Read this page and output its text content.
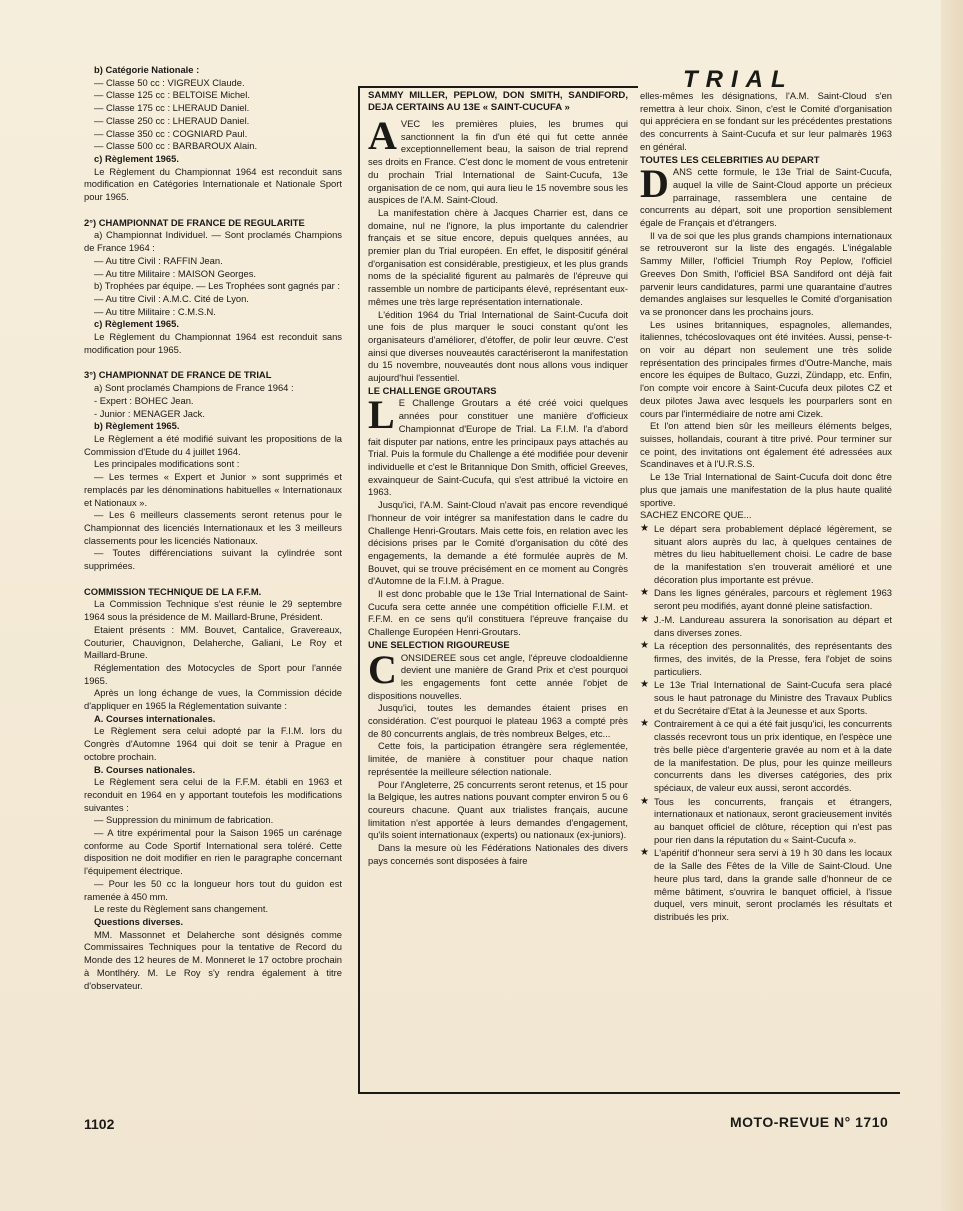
b) Catégorie Nationale :

— Classe 50 cc : VIGREUX Claude.

— Classe 125 cc : BELTOISE Michel.

— Classe 175 cc : LHERAUD Daniel.

— Classe 250 cc : LHERAUD Daniel.

— Classe 350 cc : COGNIARD Paul.

— Classe 500 cc : BARBAROUX Alain.

c) Règlement 1965.

Le Règlement du Championnat 1964 est reconduit sans modification en Catégories Internationale et Nationale Sport pour 1965.

2°) CHAMPIONNAT DE FRANCE DE REGULARITE

a) Championnat Individuel. — Sont proclamés Champions de France 1964 :

— Au titre Civil : RAFFIN Jean.

— Au titre Militaire : MAISON Georges.

b) Trophées par équipe. — Les Trophées sont gagnés par :

— Au titre Civil : A.M.C. Cité de Lyon.

— Au titre Militaire : C.M.S.N.

c) Règlement 1965.

Le Règlement du Championnat 1964 est reconduit sans modification pour 1965.

3°) CHAMPIONNAT DE FRANCE DE TRIAL

a) Sont proclamés Champions de France 1964 :

- Expert : BOHEC Jean.

- Junior : MENAGER Jack.

b) Règlement 1965.

Le Règlement a été modifié suivant les propositions de la Commission d'Etude du 4 juillet 1964.

Les principales modifications sont :

— Les termes « Expert et Junior » sont supprimés et remplacés par les dénominations habituelles « Internationaux et Nationaux ».

— Les 6 meilleurs classements seront retenus pour le Championnat des licenciés Internationaux et les 3 meilleurs classements pour les licenciés Nationaux.

— Toutes différenciations suivant la cylindrée sont supprimées.

COMMISSION TECHNIQUE DE LA F.F.M.

La Commission Technique s'est réunie le 29 septembre 1964 sous la présidence de M. Maillard-Brune, Président.

Etaient présents : MM. Bouvet, Cantalice, Gravereaux, Couturier, Chauvignon, Delaherche, Galiani, Le Roy et Maillard-Brune.

Réglementation des Motocycles de Sport pour l'année 1965.

Après un long échange de vues, la Commission décide d'appliquer en 1965 la Réglementation suivante :

A. Courses internationales.

Le Règlement sera celui adopté par la F.I.M. lors du Congrès d'Automne 1964 qui doit se tenir à Prague en octobre prochain.

B. Courses nationales.

Le Règlement sera celui de la F.F.M. établi en 1963 et reconduit en 1964 en y apportant toutefois les modifications suivantes :

— Suppression du minimum de fabrication.

— A titre expérimental pour la Saison 1965 un carénage conforme au Code Sportif International sera toléré. Cette disposition ne doit modifier en rien le paragraphe concernant l'équipement électrique.

— Pour les 50 cc la longueur hors tout du guidon est ramenée à 450 mm.

Le reste du Règlement sans changement.

Questions diverses.

MM. Massonnet et Delaherche sont désignés comme Commissaires Techniques pour la tentative de Record du Monde des 12 heures de M. Monneret le 17 octobre prochain à Montlhéry. M. Le Roy s'y rendra également à titre d'observateur.

TRIAL

SAMMY MILLER, PEPLOW, DON SMITH, SANDIFORD, DEJA CERTAINS AU 13E « SAINT-CUCUFA »

AVEC les premières pluies, les brumes qui sanctionnent la fin d'un été qui fut cette année exceptionnellement beau, la saison de trial reprend ses droits en France. C'est donc le moment de vous entretenir du prochain Trial International de Saint-Cucufa, 13e organisation de ce nom, qui aura lieu le 15 novembre sous les auspices de l'A.M. Saint-Cloud.

La manifestation chère à Jacques Charrier est, dans ce domaine, nul ne l'ignore, la plus importante du calendrier français et se situe encore, depuis quelques années, au premier plan du Trial européen. En effet, le dispositif général d'organisation est considérable, prestigieux, et les plus grands noms de la spécialité figurent au palmarès de l'épreuve qui rassemble un nombre de participants élevé, représentant eux-mêmes une très large représentation internationale.

L'édition 1964 du Trial International de Saint-Cucufa doit une fois de plus marquer le souci constant qu'ont les organisateurs d'améliorer, d'étoffer, de polir leur œuvre. C'est ainsi que diverses nouveautés caractériseront la manifestation du 15 novembre, nouveautés dont nous allons vous indiquer aujourd'hui l'essentiel.

LE CHALLENGE GROUTARS

L E Challenge Groutars a été créé voici quelques années pour constituer une manière d'officieux Championnat d'Europe de Trial. La F.I.M. l'a d'abord fait disputer par nations, entre les principaux pays attachés au Trial. Puis la formule du Challenge a été modifiée pour devenir individuelle et c'est le Britannique Don Smith, officiel Greeves, exvainqueur de Saint-Cucufa, qui s'est attribué la victoire en 1963.

Jusqu'ici, l'A.M. Saint-Cloud n'avait pas encore revendiqué l'honneur de voir intégrer sa manifestation dans le cadre du Challenge Henri-Groutars. Mais cette fois, en relation avec les décisions prises par le Comité d'organisation du côté des engagements, la demande a été formulée auprès de M. Bouvet, qui se trouve précisément en ce moment au Congrès d'Automne de la F.I.M. à Prague.

Il est donc probable que le 13e Trial International de Saint-Cucufa sera cette année une compétition officielle F.I.M. et F.F.M. en ce sens qu'il constituera l'épreuve française du Challenge Européen Henri-Groutars.

UNE SELECTION RIGOUREUSE

CONSIDEREE sous cet angle, l'épreuve clodoaldienne devient une manière de Grand Prix et c'est pourquoi les engagements font cette année l'objet de dispositions nouvelles.

Jusqu'ici, toutes les demandes étaient prises en considération. C'est pourquoi le plateau 1963 a compté près de 80 concurrents anglais, de très nombreux Belges, etc...

Cette fois, la participation étrangère sera réglementée, limitée, de manière à constituer pour chaque nation représentée la meilleure sélection nationale.

Pour l'Angleterre, 25 concurrents seront retenus, et 15 pour la Belgique, les autres nations pouvant compter environ 5 ou 6 coureurs chacune. Quant aux trialistes français, aucune limitation n'est apportée à leurs demandes d'engagement, qu'ils soient internationaux (experts) ou nationaux (ex-juniors).

Dans la mesure où les Fédérations Nationales des divers pays concernés sont disposées à faire

elles-mêmes les désignations, l'A.M. Saint-Cloud s'en remettra à leur choix. Sinon, c'est le Comité d'organisation qui appréciera en se fondant sur les précédentes prestations des concurrents à Saint-Cucufa et sur leur palmarès 1963 en général.

TOUTES LES CELEBRITIES AU DEPART

DANS cette formule, le 13e Trial de Saint-Cucufa, auquel la ville de Saint-Cloud apporte un précieux parrainage, rassemblera une centaine de concurrents au départ, soit une proportion sensiblement égale de Français et d'étrangers.

Il va de soi que les plus grands champions internationaux se retrouveront sur la liste des engagés. L'inégalable Sammy Miller, l'officiel Triumph Roy Peplow, l'officiel Greeves Don Smith, l'officiel BSA Sandiford ont déjà fait parvenir leurs candidatures, parmi une quarantaine d'autres demandes anglaises sur lesquelles le Comité d'organisation va se prononcer dans les prochains jours.

Les usines britanniques, espagnoles, allemandes, italiennes, tchécoslovaques ont été invitées. Aussi, pense-t-on voir au départ non seulement une très solide représentation des principales firmes d'Outre-Manche, mais encore les équipes de Bultaco, Guzzi, Zündapp, etc. Enfin, l'on compte voir encore à Saint-Cucufa deux pilotes CZ et deux pilotes Jawa avec lesquels les pourparlers sont en cours par l'intermédiaire de notre ami Cizek.

Et l'on attend bien sûr les meilleurs éléments belges, suisses, hollandais, courant à titre privé. Pour terminer sur ce point, des invitations ont également été adressées aux Scandinaves et à l'U.R.S.S.

Le 13e Trial International de Saint-Cucufa doit donc être plus que jamais une manifestation de la plus haute qualité sportive.

SACHEZ ENCORE QUE...

★ Le départ sera probablement déplacé légèrement, se situant alors auprès du lac, à quelques centaines de mètres du lieu habituellement choisi. Le cadre de base de la manifestation s'en trouverait amélioré et une décoration plus importante est prévue.
★ Dans les lignes générales, parcours et règlement 1963 seront peu modifiés, ayant donné pleine satisfaction.
★ J.-M. Landureau assurera la sonorisation au départ et dans diverses zones.
★ La réception des personnalités, des représentants des firmes, des invités, de la Presse, fera l'objet de soins particuliers.
★ Le 13e Trial International de Saint-Cucufa sera placé sous le haut patronage du Ministre des Travaux Publics et du Secrétaire d'Etat à la Jeunesse et aux Sports.
★ Contrairement à ce qui a été fait jusqu'ici, les concurrents classés recevront tous un prix identique, en l'espèce une très belle pièce d'argenterie gravée au nom et à la date de la manifestation. De plus, pour les quinze meilleurs concurrents dans les diverses catégories, des prix spéciaux, de valeur eux aussi, seront accordés.
★ Tous les concurrents, français et étrangers, internationaux et nationaux, seront gracieusement invités au banquet officiel de clôture, réception qui n'est pas pour rien dans la réputation du « Saint-Cucufa ».
★ L'apéritif d'honneur sera servi à 19 h 30 dans les locaux de la Salle des Fêtes de la Ville de Saint-Cloud. Une heure plus tard, dans la grande salle d'honneur de ce même bâtiment, s'ouvrira le banquet officiel, à l'issue duquel, vers minuit, seront proclamés les résultats et distribués les prix.
1102	MOTO-REVUE N° 1710
